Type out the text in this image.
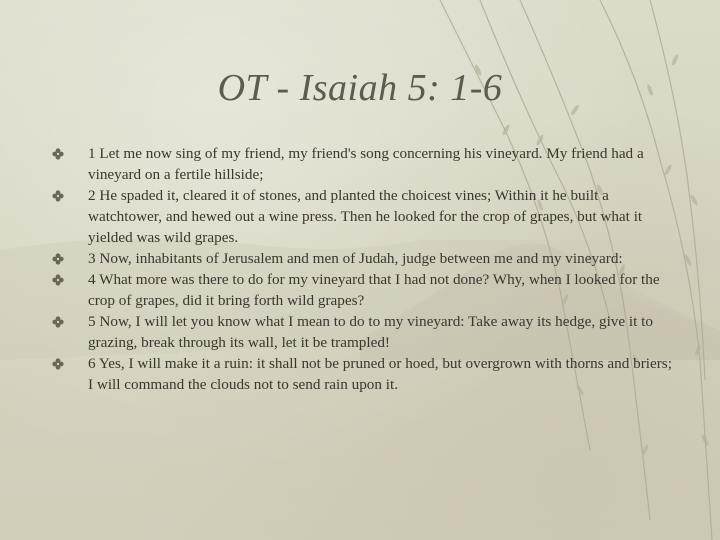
OT - Isaiah 5: 1-6
1 Let me now sing of my friend, my friend's song concerning his vineyard. My friend had a vineyard on a fertile hillside;
2 He spaded it, cleared it of stones, and planted the choicest vines; Within it he built a watchtower, and hewed out a wine press. Then he looked for the crop of grapes, but what it yielded was wild grapes.
3 Now, inhabitants of Jerusalem and men of Judah, judge between me and my vineyard:
4 What more was there to do for my vineyard that I had not done? Why, when I looked for the crop of grapes, did it bring forth wild grapes?
5 Now, I will let you know what I mean to do to my vineyard: Take away its hedge, give it to grazing, break through its wall, let it be trampled!
6 Yes, I will make it a ruin: it shall not be pruned or hoed, but overgrown with thorns and briers; I will command the clouds not to send rain upon it.
